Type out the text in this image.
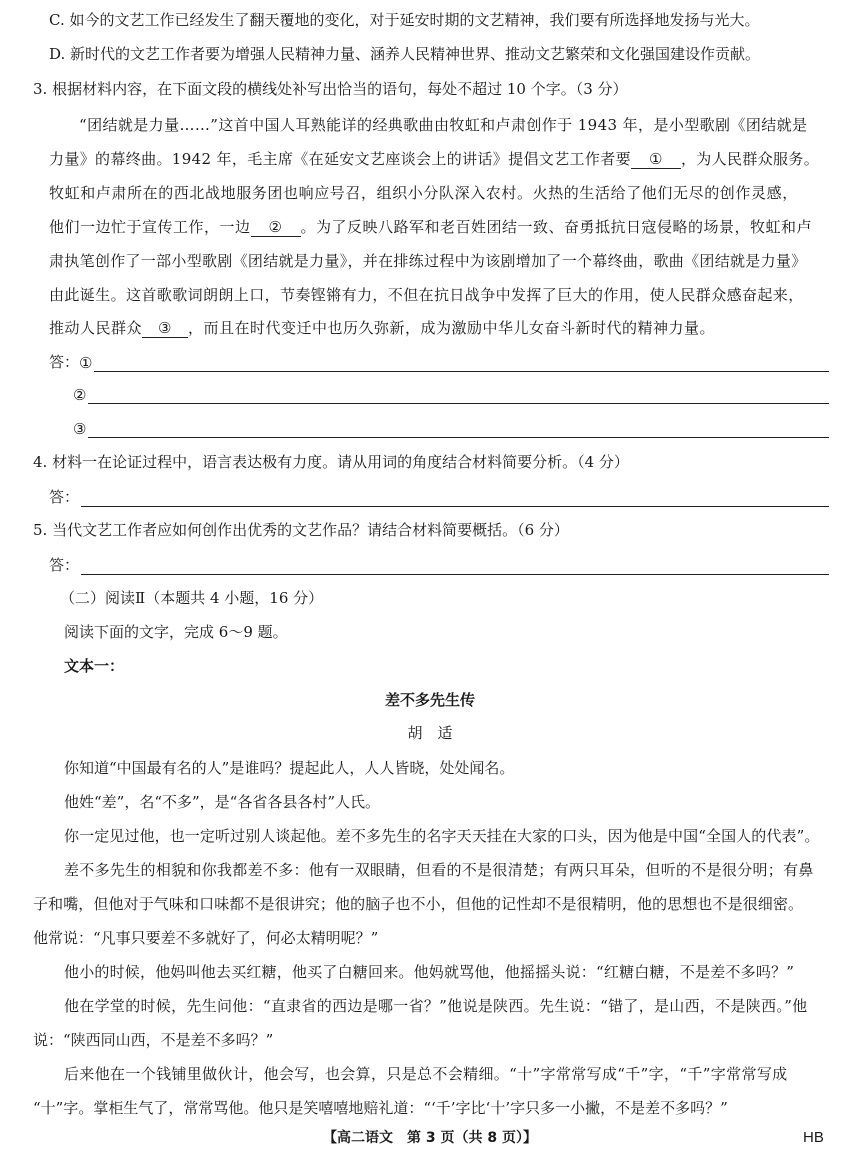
C. 如今的文艺工作已经发生了翻天覆地的变化，对于延安时期的文艺精神，我们要有所选择地发扬与光大。
D. 新时代的文艺工作者要为增强人民精神力量、涵养人民精神世界、推动文艺繁荣和文化强国建设作贡献。
3. 根据材料内容，在下面文段的横线处补写出恰当的语句，每处不超过 10 个字。（3 分）
“团结就是力量……”这首中国人耳熟能详的经典歌曲由牧虹和卢肃创作于 1943 年，是小型歌剧《团结就是
力量》的幕终曲。1942 年，毛主席《在延安文艺座谈会上的讲话》提倡文艺工作者要 ① ，为人民群众服务。
牧虹和卢肃所在的西北战地服务团也响应号召，组织小分队深入农村。火热的生活给了他们无尽的创作灵感，
他们一边忙于宣传工作，一边 ② 。为了反映八路军和老百姓团结一致、奋勇抵抗日寇侵略的场景，牧虹和卢
肃执笔创作了一部小型歌剧《团结就是力量》，并在排练过程中为该剧增加了一个幕终曲，歌曲《团结就是力量》
由此诞生。这首歌歌词朗朗上口，节奏铿锵有力，不但在抗日战争中发挥了巨大的作用，使人民群众感奋起来，
推动人民群众 ③ ，而且在时代变迁中也历久弥新，成为激励中华儿女奋斗新时代的精神力量。
答： ①
②
③
4. 材料一在论证过程中，语言表达极有力度。请从用词的角度结合材料简要分析。（4 分）
答：
5. 当代文艺工作者应如何创作出优秀的文艺作品？请结合材料简要概括。（6 分）
答：
（二）阅读Ⅱ（本题共 4 小题，16 分）
阅读下面的文字，完成 6～9 题。
文本一：
差不多先生传
胡　适
你知道“中国最有名的人”是谁吗？提起此人，人人皆晓，处处闻名。
他姓“差”，名“不多”，是“各省各县各村”人氏。
你一定见过他，也一定听过别人谈起他。差不多先生的名字天天挂在大家的口头，因为他是中国“全国人的代表”。
差不多先生的相貌和你我都差不多：他有一双眼睛，但看的不是很清楚；有两只耳朵，但听的不是很分明；有鼻
子和嘴，但他对于气味和口味都不是很讲究；他的脑子也不小，但他的记性却不是很精明，他的思想也不是很细密。
他常说：“凡事只要差不多就好了，何必太精明呢？”
他小的时候，他妈叫他去买红糖，他买了白糖回来。他妈就骂他，他摇摇头说：“红糖白糖，不是差不多吗？”
他在学堂的时候，先生问他：“直隶省的西边是哪一省？”他说是陕西。先生说：“错了，是山西，不是陕西。”他
说：“陕西同山西，不是差不多吗？”
后来他在一个钱铺里做伙计，他会写，也会算，只是总不会精细。“十”字常常写成“千”字，“千”字常常写成
“十”字。掌柜生气了，常常骂他。他只是笑嘻嘻地赔礼道：“‘千’字比‘十’字只多一小撇，不是差不多吗？”
【高二语文　第 3 页（共 8 页）】	HB
